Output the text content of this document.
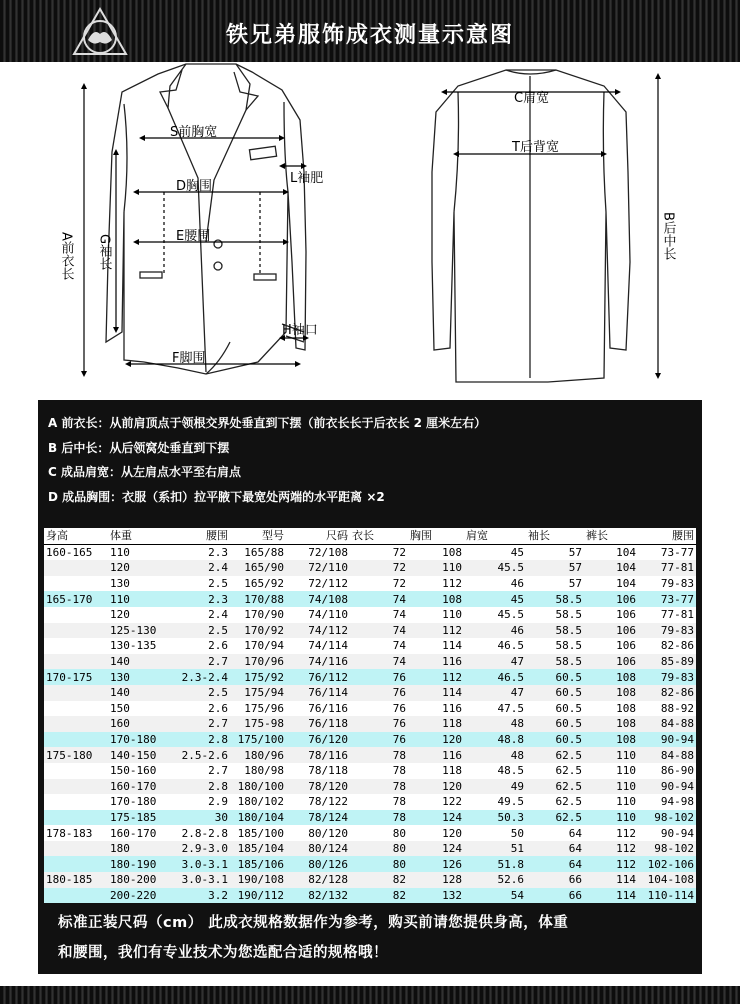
铁兄弟服饰成衣测量示意图
A前衣长 G袖长
S前胸宽
D胸围
E腰围
F脚围
L袖肥
H袖口
C肩宽
T后背宽
B后中长
A 前衣长：从前肩顶点于领根交界处垂直到下摆（前衣长长于后衣长 2 厘米左右）
B 后中长：从后领窝处垂直到下摆
C 成品肩宽：从左肩点水平至右肩点
D 成品胸围：衣服（系扣）拉平腋下最宽处两端的水平距离 ×2
身高	体重	腰围	型号	尺码	衣长	胸围	肩宽	袖长	裤长	腰围
160-165	110	2.3	165/88	72/108	72	108	45	57	104	73-77
	120	2.4	165/90	72/110	72	110	45.5	57	104	77-81
	130	2.5	165/92	72/112	72	112	46	57	104	79-83
165-170	110	2.3	170/88	74/108	74	108	45	58.5	106	73-77
	120	2.4	170/90	74/110	74	110	45.5	58.5	106	77-81
	125-130	2.5	170/92	74/112	74	112	46	58.5	106	79-83
	130-135	2.6	170/94	74/114	74	114	46.5	58.5	106	82-86
	140	2.7	170/96	74/116	74	116	47	58.5	106	85-89
170-175	130	2.3-2.4	175/92	76/112	76	112	46.5	60.5	108	79-83
	140	2.5	175/94	76/114	76	114	47	60.5	108	82-86
	150	2.6	175/96	76/116	76	116	47.5	60.5	108	88-92
	160	2.7	175-98	76/118	76	118	48	60.5	108	84-88
	170-180	2.8	175/100	76/120	76	120	48.8	60.5	108	90-94
175-180	140-150	2.5-2.6	180/96	78/116	78	116	48	62.5	110	84-88
	150-160	2.7	180/98	78/118	78	118	48.5	62.5	110	86-90
	160-170	2.8	180/100	78/120	78	120	49	62.5	110	90-94
	170-180	2.9	180/102	78/122	78	122	49.5	62.5	110	94-98
	175-185	30	180/104	78/124	78	124	50.3	62.5	110	98-102
178-183	160-170	2.8-2.8	185/100	80/120	80	120	50	64	112	90-94
	180	2.9-3.0	185/104	80/124	80	124	51	64	112	98-102
	180-190	3.0-3.1	185/106	80/126	80	126	51.8	64	112	102-106
180-185	180-200	3.0-3.1	190/108	82/128	82	128	52.6	66	114	104-108
	200-220	3.2	190/112	82/132	82	132	54	66	114	110-114
标准正装尺码（cm） 此成衣规格数据作为参考，购买前请您提供身高，体重
和腰围，我们有专业技术为您选配合适的规格哦！
